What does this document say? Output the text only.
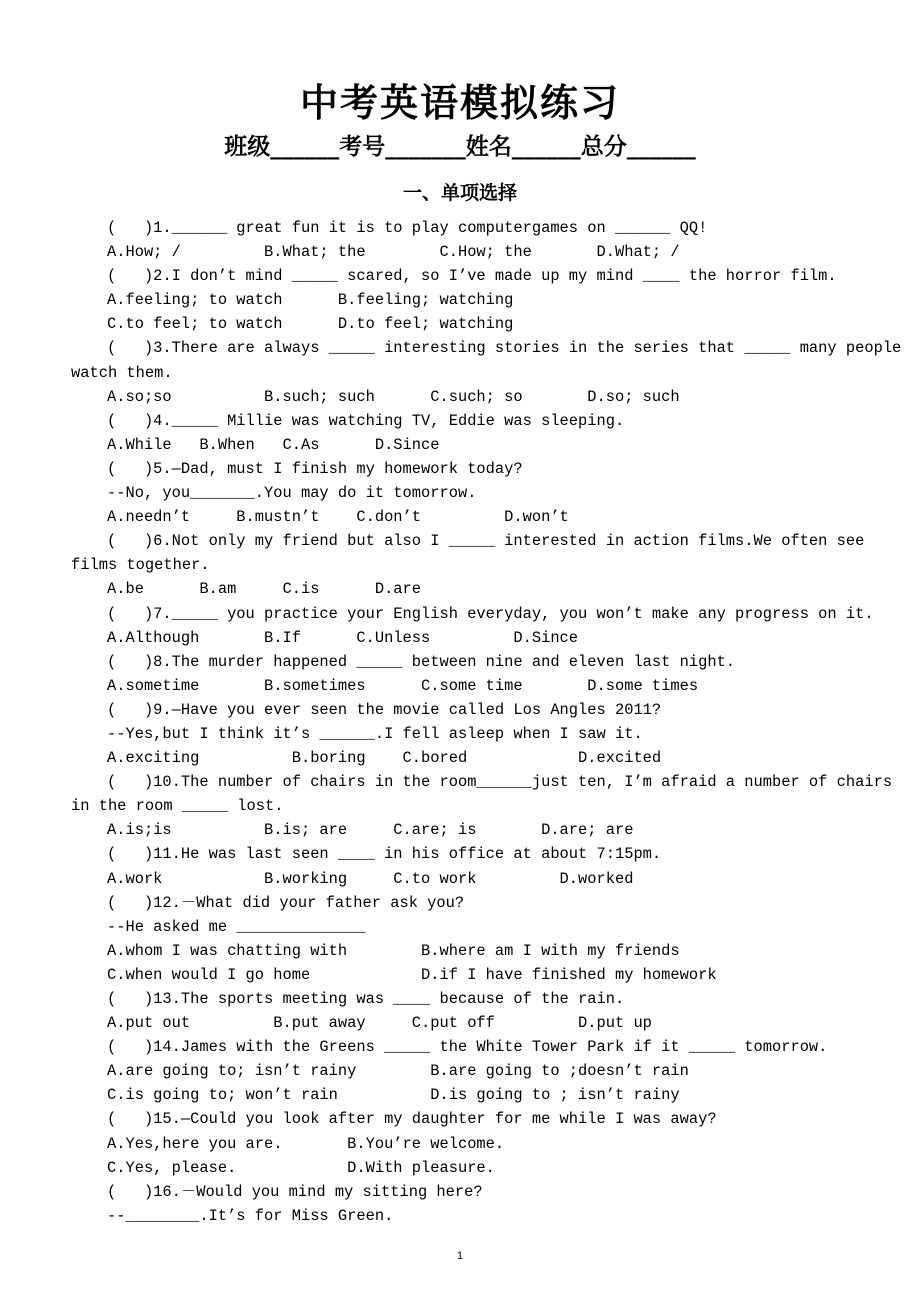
中考英语模拟练习
班级______考号_______姓名______总分______
一、单项选择
(   )1.______ great fun it is to play computergames on ______ QQ!
A.How; /         B.What; the        C.How; the       D.What; /
(   )2.I don’t mind _____ scared, so I’ve made up my mind ____ the horror film.
A.feeling; to watch      B.feeling; watching
C.to feel; to watch      D.to feel; watching
(   )3.There are always _____ interesting stories in the series that _____ many people
watch them.
A.so;so          B.such; such      C.such; so       D.so; such
(   )4._____ Millie was watching TV, Eddie was sleeping.
A.While   B.When   C.As      D.Since
(   )5.—Dad, must I finish my homework today?
--No, you_______.You may do it tomorrow.
A.needn’t     B.mustn’t    C.don’t         D.won’t
(   )6.Not only my friend but also I _____ interested in action films.We often see
films together.
A.be      B.am     C.is      D.are
(   )7._____ you practice your English everyday, you won’t make any progress on it.
A.Although       B.If      C.Unless         D.Since
(   )8.The murder happened _____ between nine and eleven last night.
A.sometime       B.sometimes      C.some time       D.some times
(   )9.—Have you ever seen the movie called Los Angles 2011?
--Yes,but I think it’s ______.I fell asleep when I saw it.
A.exciting          B.boring    C.bored            D.excited
(   )10.The number of chairs in the room______just ten, I’m afraid a number of chairs
in the room _____ lost.
A.is;is          B.is; are     C.are; is       D.are; are
(   )11.He was last seen ____ in his office at about 7:15pm.
A.work           B.working     C.to work         D.worked
(   )12.－What did your father ask you?
--He asked me ______________
A.whom I was chatting with        B.where am I with my friends
C.when would I go home            D.if I have finished my homework
(   )13.The sports meeting was ____ because of the rain.
A.put out         B.put away     C.put off         D.put up
(   )14.James with the Greens _____ the White Tower Park if it _____ tomorrow.
A.are going to; isn’t rainy        B.are going to ;doesn’t rain
C.is going to; won’t rain          D.is going to ; isn’t rainy
(   )15.—Could you look after my daughter for me while I was away?
A.Yes,here you are.       B.You’re welcome.
C.Yes, please.            D.With pleasure.
(   )16.－Would you mind my sitting here?
--________.It’s for Miss Green.
1
